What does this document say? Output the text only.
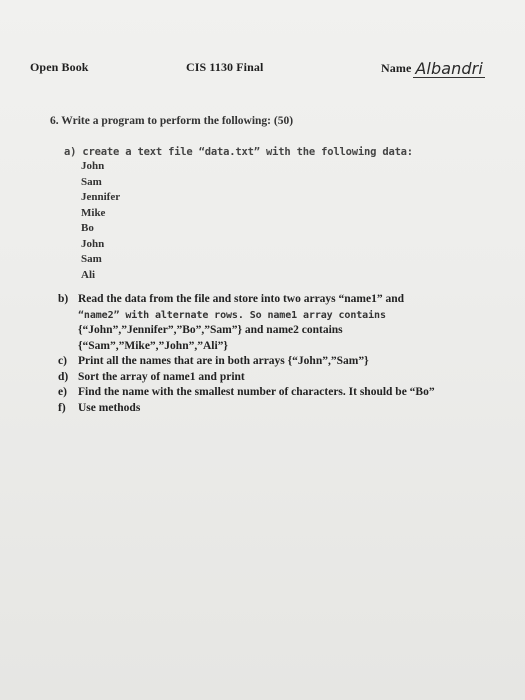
Open Book	CIS 1130 Final	Name Albandri
6. Write a program to perform the following: (50)
a) create a text file “data.txt” with the following data:
John
Sam
Jennifer
Mike
Bo
John
Sam
Ali
b) Read the data from the file and store into two arrays “name1” and
“name2” with alternate rows. So name1 array contains
{“John”,”Jennifer”,”Bo”,”Sam”} and name2 contains
{“Sam”,”Mike”,”John”,”Ali”}
c) Print all the names that are in both arrays {“John”,”Sam”}
d) Sort the array of name1 and print
e) Find the name with the smallest number of characters. It should be “Bo”
f)	Use methods
